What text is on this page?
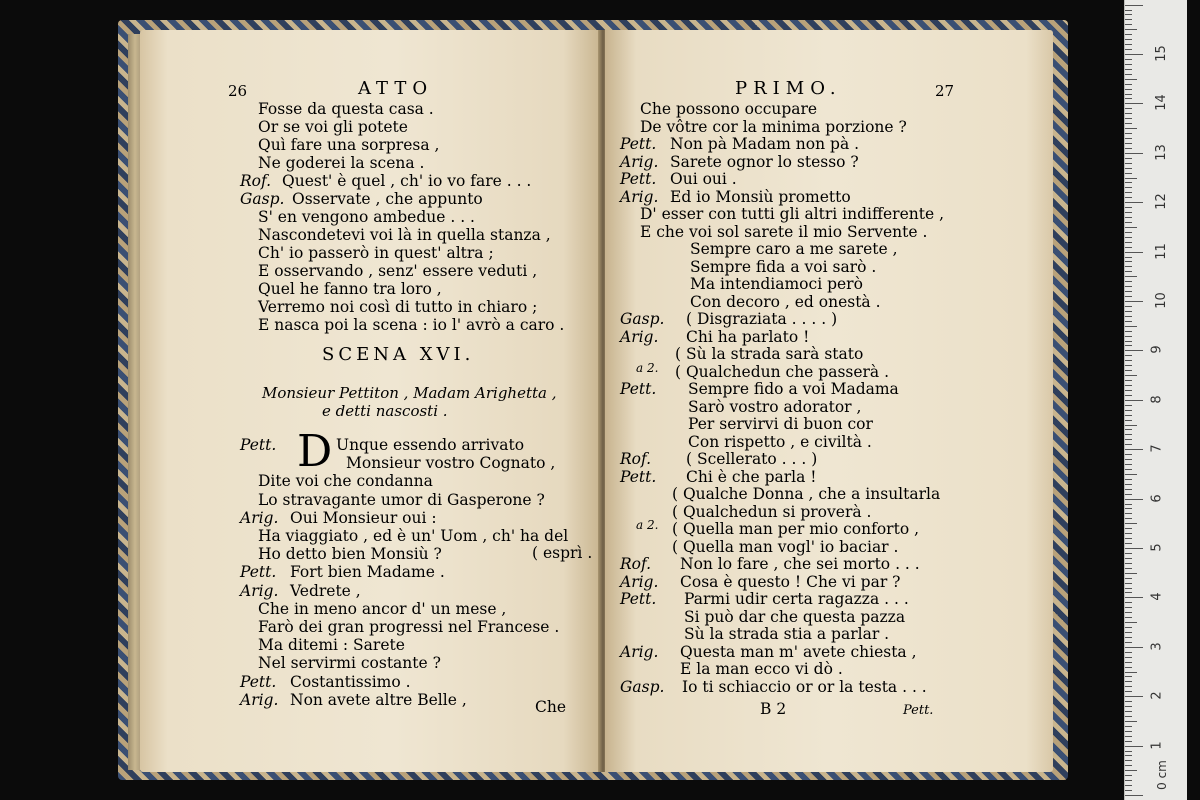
26	ATTO
Fosse da questa casa .
Or se voi gli potete
Quì fare una sorpresa ,
Ne goderei la scena .
Rof. Quest' è quel , ch' io vo fare . . .
Gasp. Osservate , che appunto
S' en vengono ambedue . . .
Nascondetevi voi là in quella stanza ,
Ch' io passerò in quest' altra ;
E osservando , senz' essere veduti ,
Quel he fanno tra loro ,
Verremo noi così di tutto in chiaro ;
E nasca poi la scena : io l' avrò a caro .
SCENA XVI.
Monsieur Pettiton , Madam Arighetta ,
e detti nascosti .
D
Pett.	Unque essendo arrivato
Monsieur vostro Cognato ,
Dite voi che condanna
Lo stravagante umor di Gasperone ?
Arig. Oui Monsieur oui :
Ha viaggiato , ed è un' Uom , ch' ha del
Ho detto bien Monsiù ?
Pett. Fort bien Madame .
Arig. Vedrete ,
Che in meno ancor d' un mese ,
Farò dei gran progressi nel Francese .
Ma ditemi : Sarete
Nel servirmi costante ?
Pett. Costantissimo .
Arig. Non avete altre Belle ,
( esprì .
Che
PRIMO.	27
Che possono occupare
De vôtre cor la minima porzione ?
Pett. Non pà Madam non pà .
Arig. Sarete ognor lo stesso ?
Pett. Oui oui .
Arig. Ed io Monsiù prometto
D' esser con tutti gli altri indifferente ,
E che voi sol sarete il mio Servente .
Sempre caro a me sarete ,
Sempre fida a voi sarò .
Ma intendiamoci però
Con decoro , ed onestà .
Gasp. ( Disgraziata . . . . )
Arig. Chi ha parlato !
( Sù la strada sarà stato
( Qualchedun che passerà .
Pett. Sempre fido a voi Madama
Sarò vostro adorator ,
Per servirvi di buon cor
Con rispetto , e civiltà .
Rof. ( Scellerato . . . )
Pett. Chi è che parla !
( Qualche Donna , che a insultarla
( Qualchedun si proverà .
( Quella man per mio conforto ,
( Quella man vogl' io baciar .
Rof. Non lo fare , che sei morto . . .
Arig. Cosa è questo ! Che vi par ?
Pett. Parmi udir certa ragazza . . .
Si può dar che questa pazza
Sù la strada stia a parlar .
Arig. Questa man m' avete chiesta ,
E la man ecco vi dò .
Gasp. Io ti schiaccio or or la testa . . .
a 2.
a 2.
B 2	Pett.
15
14
13
12
11
10
9
8
7
6
5
4
3
2
1
0 cm
